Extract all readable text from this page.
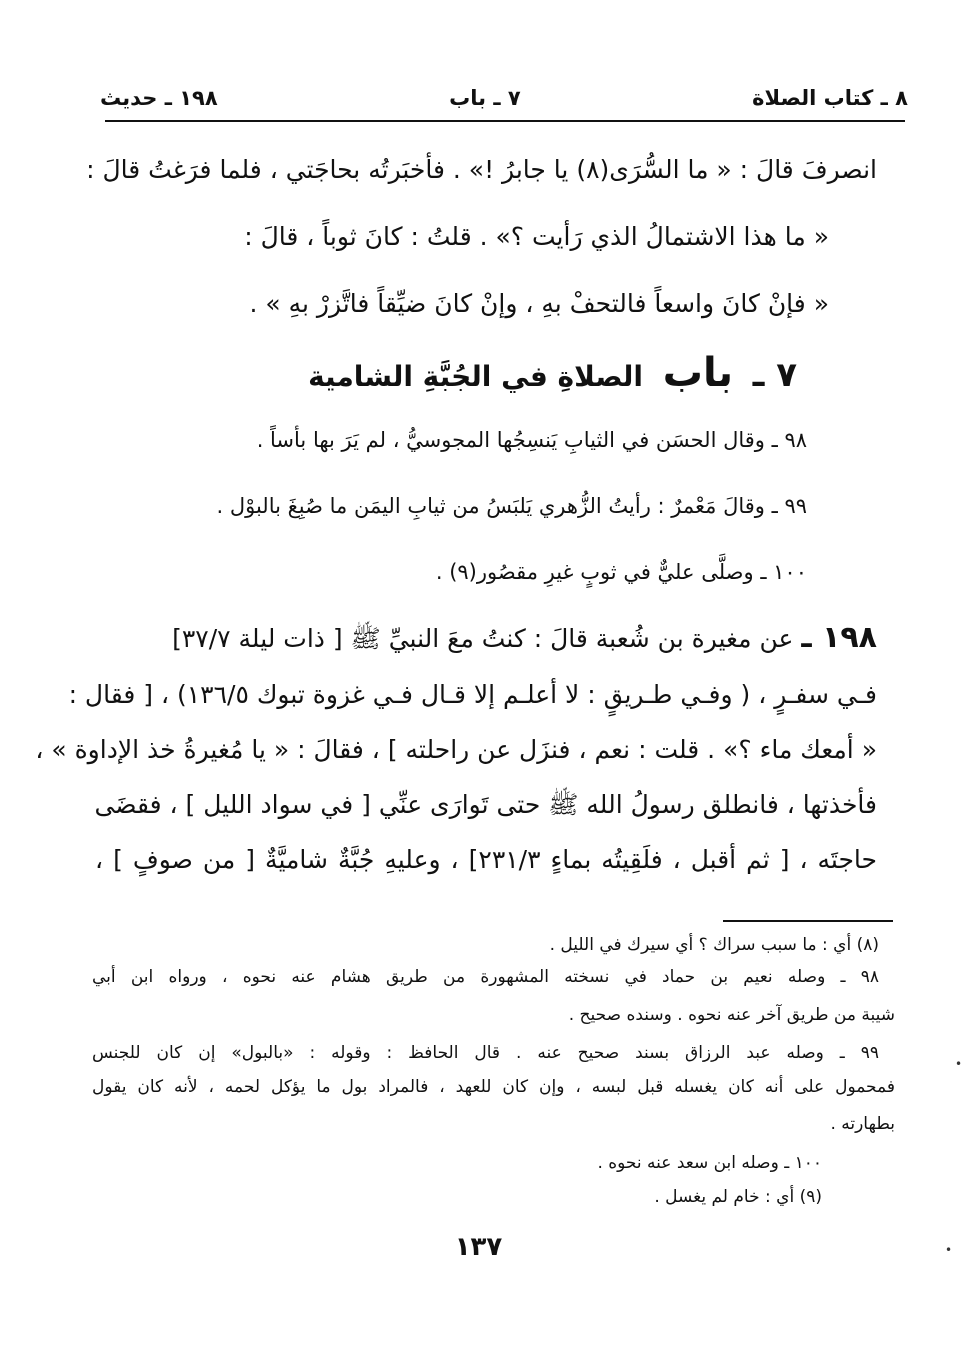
٨ ـ كتاب الصلاة
٧ ـ باب
١٩٨ ـ حديث
انصرفَ قالَ : « ما السُّرَى(٨) يا جابرُ !» . فأخبَرتُه بحاجَتي ، فلما فرَغتُ قالَ :
« ما هذا الاشتمالُ الذي رَأيت ؟» . قلتُ : كانَ ثوباً ، قالَ :
« فإنْ كانَ واسعاً فالتحفْ بهِ ، وإنْ كانَ ضيِّقاً فاتَّزرْ بهِ » .
٧ ـ باب الصلاةِ في الجُبَّةِ الشامية
٩٨ ـ وقال الحسَن في الثيابِ يَنسِجُها المجوسيُّ ، لم يَرَ بها بأساً .
٩٩ ـ وقالَ مَعْمرٌ : رأيتُ الزُّهري يَلبَسُ من ثيابِ اليمَن ما صُبِغَ بالبوْل .
١٠٠ ـ وصلَّى عليٌّ في ثوبٍ غيرِ مقصُور(٩) .
١٩٨ ـ عن مغيرة بن شُعبة قالَ : كنتُ معَ النبيِّ ﷺ [ ذات ليلة ٣٧/٧]
فـي سفـرٍ ، ( وفـي طـريقٍ : لا أعلـم إلا قـال فـي غزوة تبوك ١٣٦/٥) ، [ فقال :
« أمعك ماء ؟» . قلت : نعم ، فنزَل عن راحلته ] ، فقالَ : « يا مُغيرةُ خذ الإداوة » ،
فأخذتها ، فانطلق رسولُ الله ﷺ حتى تَوارَى عنِّي [ في سواد الليل ] ، فقضَى
حاجتَه ، [ ثم أقبل ، فلَقِيتُه بماءٍ ٢٣١/٣] ، وعليهِ جُبَّةٌ شاميَّةٌ [ من صوفٍ ] ،
(٨) أي : ما سبب سراك ؟ أي سيرك في الليل .
٩٨ ـ وصله نعيم بن حماد في نسخته المشهورة من طريق هشام عنه نحوه ، ورواه ابن أبي
شيبة من طريق آخر عنه نحوه . وسنده صحيح .
٩٩ ـ وصله عبد الرزاق بسند صحيح عنه . قال الحافظ : وقوله : «بالبول» إن كان للجنس
فمحمول على أنه كان يغسله قبل لبسه ، وإن كان للعهد ، فالمراد بول ما يؤكل لحمه ، لأنه كان يقول
بطهارته .
١٠٠ ـ وصله ابن سعد عنه نحوه .
(٩) أي : خام لم يغسل .
١٣٧
•
•
